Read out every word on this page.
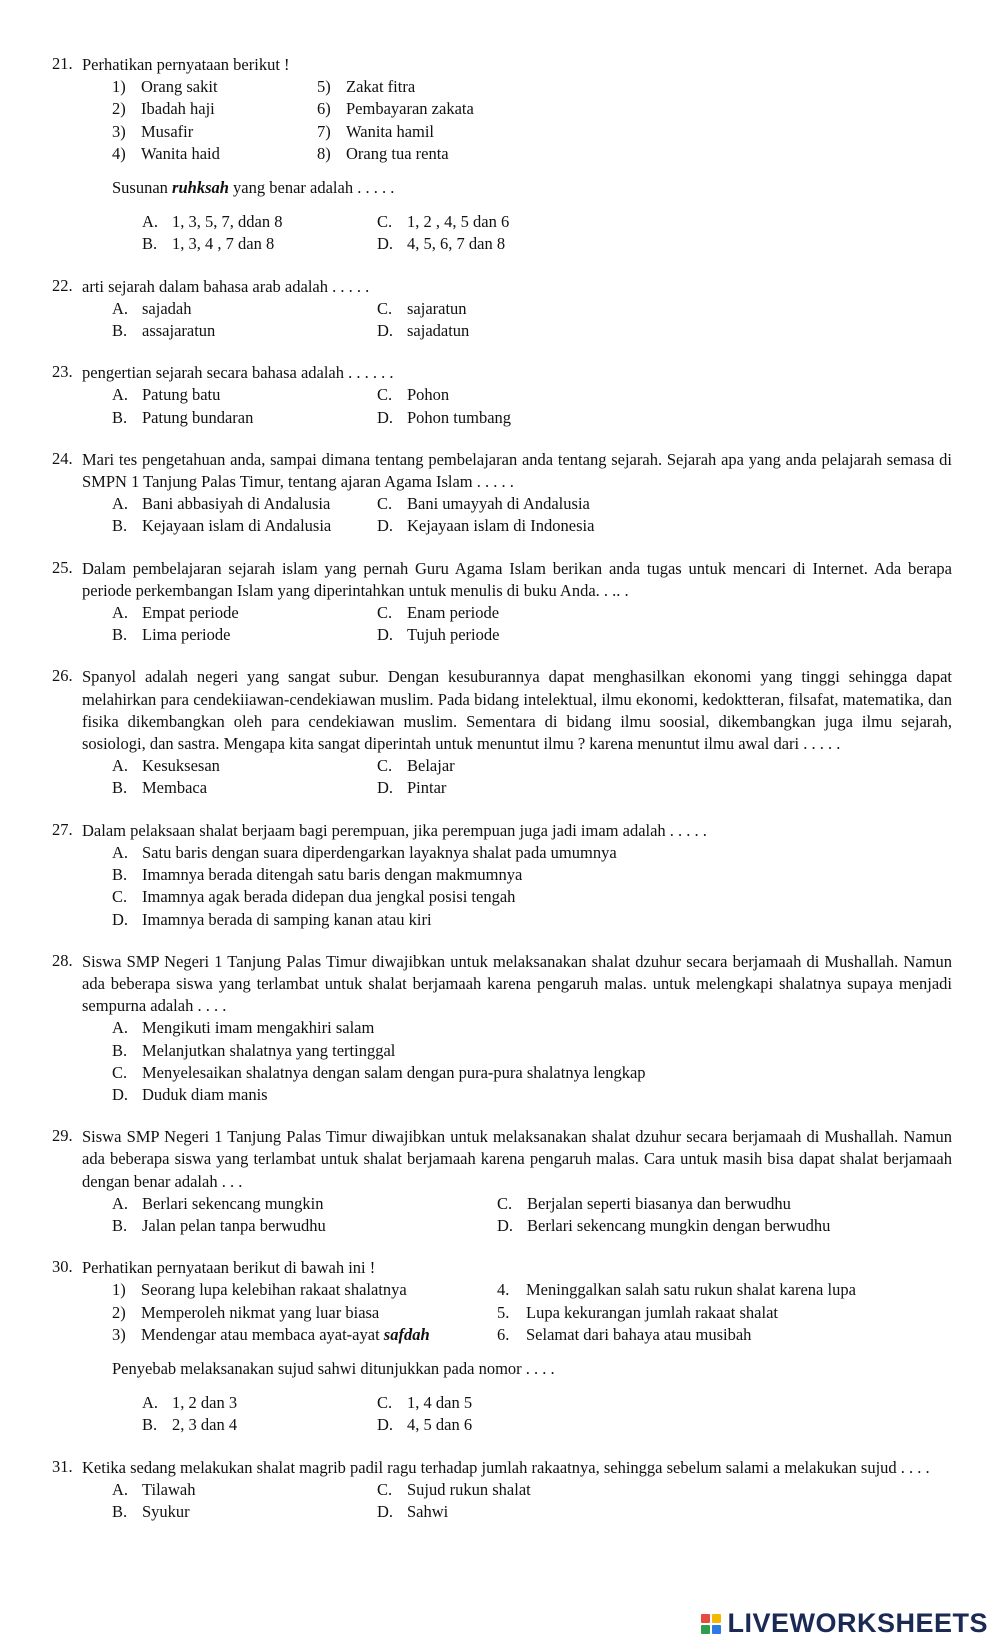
21. Perhatikan pernyataan berikut !
1) Orang sakit	5) Zakat fitra
2) Ibadah haji	6) Pembayaran zakata
3) Musafir	7) Wanita hamil
4) Wanita haid	8) Orang tua renta
Susunan ruhksah yang benar adalah . . . . .
A. 1, 3, 5, 7, ddan 8	C. 1, 2 , 4, 5 dan 6
B. 1, 3, 4 , 7 dan 8	D. 4, 5, 6, 7 dan 8
22. arti sejarah dalam bahasa arab adalah . . . . .
A. sajadah	C. sajaratun
B. assajaratun	D. sajadatun
23. pengertian sejarah secara bahasa adalah . . . . . .
A. Patung batu	C. Pohon
B. Patung bundaran	D. Pohon tumbang
24. Mari tes pengetahuan anda, sampai dimana tentang pembelajaran anda tentang sejarah. Sejarah apa yang anda pelajarah semasa di SMPN 1 Tanjung Palas Timur, tentang ajaran Agama Islam . . . . .
A. Bani abbasiyah di Andalusia	C. Bani umayyah di Andalusia
B. Kejayaan islam di Andalusia	D. Kejayaan islam di Indonesia
25. Dalam pembelajaran sejarah islam yang pernah Guru Agama Islam berikan anda tugas untuk mencari di Internet. Ada berapa periode perkembangan Islam yang diperintahkan untuk menulis di buku Anda. . .. .
A. Empat periode	C. Enam periode
B. Lima periode	D. Tujuh periode
26. Spanyol adalah negeri yang sangat subur. Dengan kesuburannya dapat menghasilkan ekonomi yang tinggi sehingga dapat melahirkan para cendekiiawan-cendekiawan muslim. Pada bidang intelektual, ilmu ekonomi, kedoktteran, filsafat, matematika, dan fisika dikembangkan oleh para cendekiawan muslim. Sementara di bidang ilmu soosial, dikembangkan juga ilmu sejarah, sosiologi, dan sastra. Mengapa kita sangat diperintah untuk menuntut ilmu ? karena menuntut ilmu awal dari . . . . .
A. Kesuksesan	C. Belajar
B. Membaca	D. Pintar
27. Dalam pelaksaan shalat berjaam bagi perempuan, jika perempuan juga jadi imam adalah . . . . .
A. Satu baris dengan suara diperdengarkan layaknya shalat pada umumnya
B. Imamnya berada ditengah satu baris dengan makmumnya
C. Imamnya agak berada didepan dua jengkal posisi tengah
D. Imamnya berada di samping kanan atau kiri
28. Siswa SMP Negeri 1 Tanjung Palas Timur diwajibkan untuk melaksanakan shalat dzuhur secara berjamaah di Mushallah. Namun ada beberapa siswa yang terlambat untuk shalat berjamaah karena pengaruh malas. untuk melengkapi shalatnya supaya menjadi sempurna adalah . . . .
A. Mengikuti imam mengakhiri salam
B. Melanjutkan shalatnya yang tertinggal
C. Menyelesaikan shalatnya dengan salam dengan pura-pura shalatnya lengkap
D. Duduk diam manis
29. Siswa SMP Negeri 1 Tanjung Palas Timur diwajibkan untuk melaksanakan shalat dzuhur secara berjamaah di Mushallah. Namun ada beberapa siswa yang terlambat untuk shalat berjamaah karena pengaruh malas. Cara untuk masih bisa dapat shalat berjamaah dengan benar adalah . . .
A. Berlari sekencang mungkin	C. Berjalan seperti biasanya dan berwudhu
B. Jalan pelan tanpa berwudhu	D. Berlari sekencang mungkin dengan berwudhu
30. Perhatikan pernyataan berikut di bawah ini !
1) Seorang lupa kelebihan rakaat shalatnya	4.	Meninggalkan salah satu rukun shalat karena lupa
2) Memperoleh nikmat yang luar biasa	5.	Lupa kekurangan jumlah rakaat shalat
3) Mendengar atau membaca ayat-ayat safdah	6.	Selamat dari bahaya atau musibah
Penyebab melaksanakan sujud sahwi ditunjukkan pada nomor . . . .
A. 1, 2 dan 3	C. 1, 4 dan 5
B. 2, 3 dan 4	D. 4, 5 dan 6
31. Ketika sedang melakukan shalat magrib padil ragu terhadap jumlah rakaatnya, sehingga sebelum salami a melakukan sujud . . . .
A. Tilawah	C. Sujud rukun shalat
B. Syukur	D. Sahwi
LIVEWORKSHEETS
